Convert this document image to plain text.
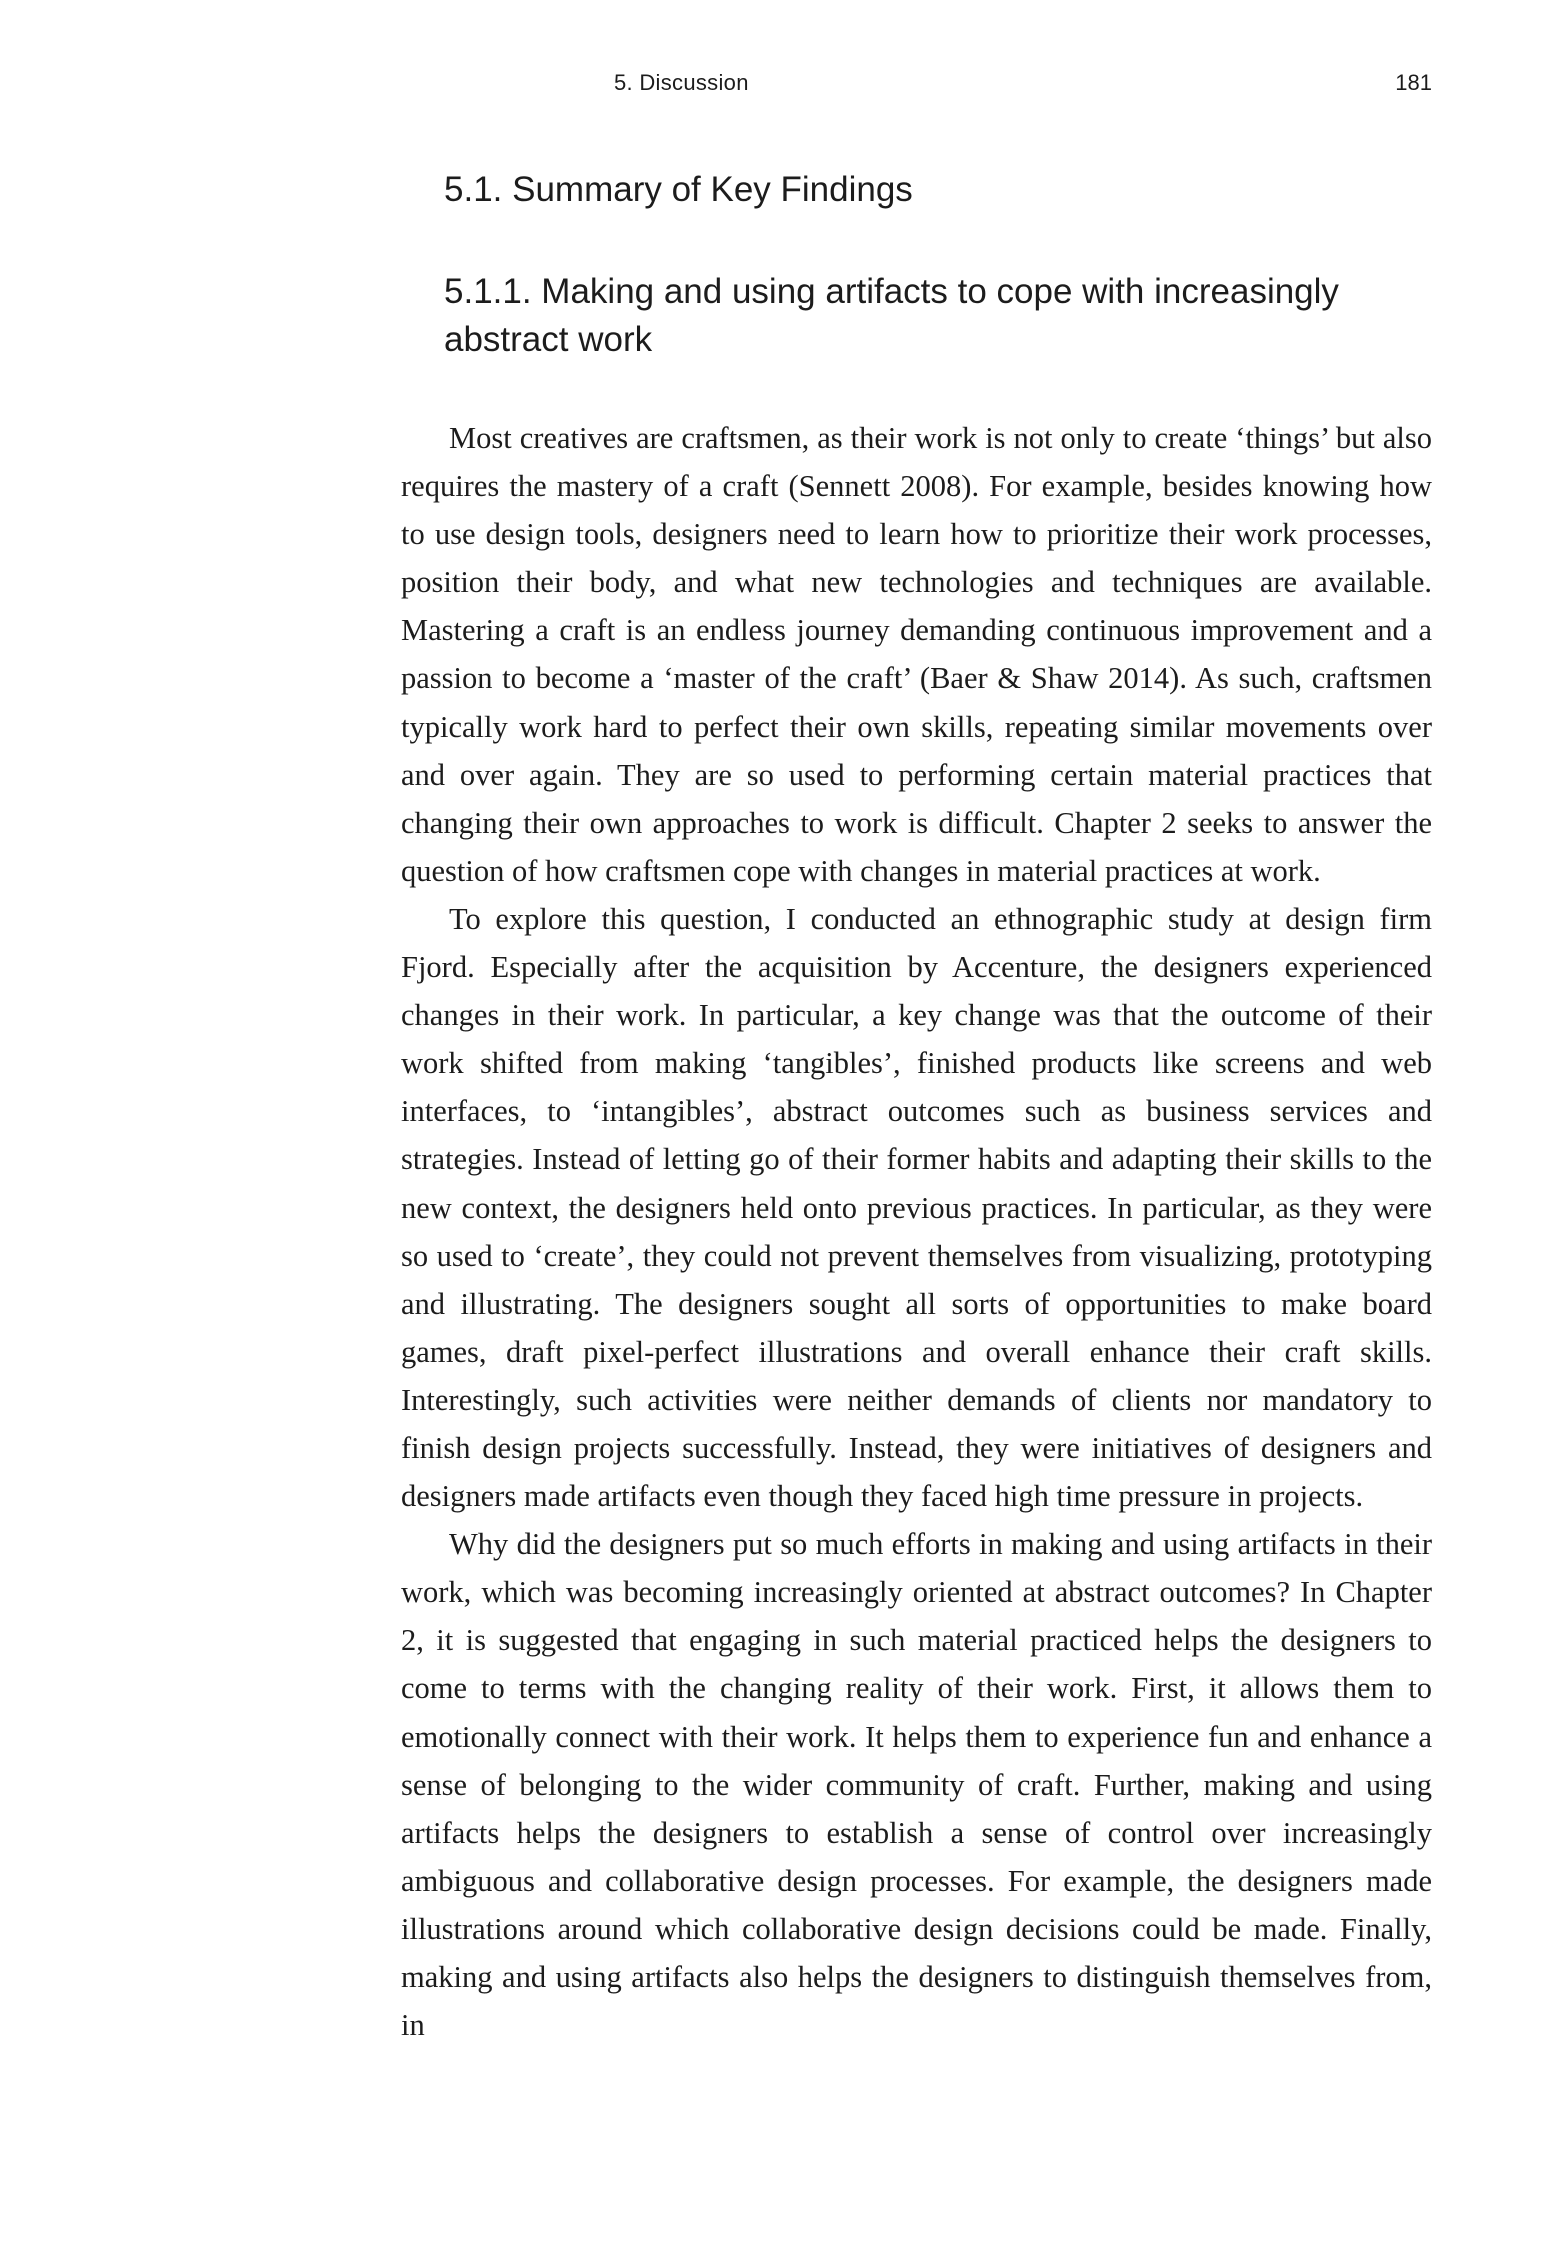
5. Discussion	181
5.1. Summary of Key Findings
5.1.1. Making and using artifacts to cope with increasingly abstract work

Most creatives are craftsmen, as their work is not only to create ‘things’ but also requires the mastery of a craft (Sennett 2008). For example, besides knowing how to use design tools, designers need to learn how to prioritize their work processes, position their body, and what new technologies and techniques are available. Mastering a craft is an endless journey demanding continuous improvement and a passion to become a ‘master of the craft’ (Baer & Shaw 2014). As such, craftsmen typically work hard to perfect their own skills, repeating similar movements over and over again. They are so used to performing certain material practices that changing their own approaches to work is difficult. Chapter 2 seeks to answer the question of how craftsmen cope with changes in material practices at work.

To explore this question, I conducted an ethnographic study at design firm Fjord. Especially after the acquisition by Accenture, the designers experienced changes in their work. In particular, a key change was that the outcome of their work shifted from making ‘tangibles’, finished products like screens and web interfaces, to ‘intangibles’, abstract outcomes such as business services and strategies. Instead of letting go of their former habits and adapting their skills to the new context, the designers held onto previous practices. In particular, as they were so used to ‘create’, they could not prevent themselves from visualizing, prototyping and illustrating. The designers sought all sorts of opportunities to make board games, draft pixel-perfect illustrations and overall enhance their craft skills. Interestingly, such activities were neither demands of clients nor mandatory to finish design projects successfully. Instead, they were initiatives of designers and designers made artifacts even though they faced high time pressure in projects.

Why did the designers put so much efforts in making and using artifacts in their work, which was becoming increasingly oriented at abstract outcomes? In Chapter 2, it is suggested that engaging in such material practiced helps the designers to come to terms with the changing reality of their work. First, it allows them to emotionally connect with their work. It helps them to experience fun and enhance a sense of belonging to the wider community of craft. Further, making and using artifacts helps the designers to establish a sense of control over increasingly ambiguous and collaborative design processes. For example, the designers made illustrations around which collaborative design decisions could be made. Finally, making and using artifacts also helps the designers to distinguish themselves from, in
